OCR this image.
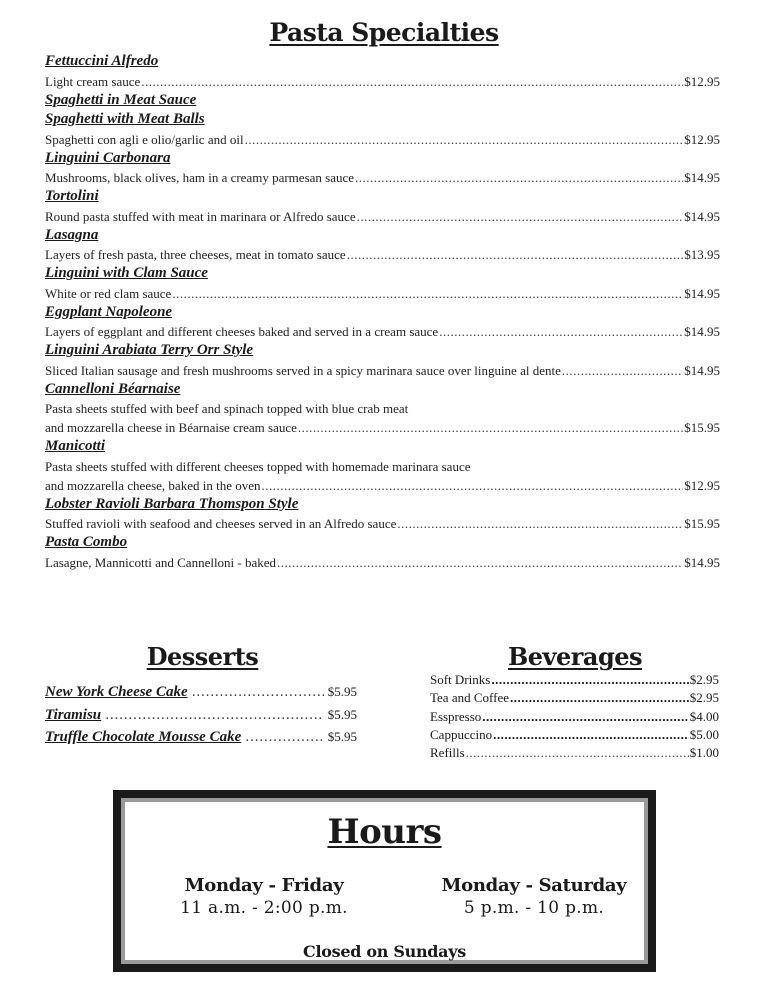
Pasta Specialties
Fettuccini Alfredo
Light cream sauce .....	$12.95
Spaghetti in Meat Sauce
Spaghetti with Meat Balls
Spaghetti con agli e olio/garlic and oil .....	$12.95
Linguini Carbonara
Mushrooms, black olives, ham in a creamy parmesan sauce .....	$14.95
Tortolini
Round pasta stuffed with meat in marinara or Alfredo sauce .....	$14.95
Lasagna
Layers of fresh pasta, three cheeses, meat in tomato sauce .....	$13.95
Linguini with Clam Sauce
White or red clam sauce .....	$14.95
Eggplant Napoleone
Layers of eggplant and different cheeses baked and served in a cream sauce .....	$14.95
Linguini Arabiata Terry Orr Style
Sliced Italian sausage and fresh mushrooms served in a spicy marinara sauce over linguine al dente .....	$14.95
Cannelloni Béarnaise
Pasta sheets stuffed with beef and spinach topped with blue crab meat
and mozzarella cheese in Béarnaise cream sauce .....	$15.95
Manicotti
Pasta sheets stuffed with different cheeses topped with homemade marinara sauce
and mozzarella cheese, baked in the oven .....	$12.95
Lobster Ravioli Barbara Thomspon Style
Stuffed ravioli with seafood and cheeses served in an Alfredo sauce .....	$15.95
Pasta Combo
Lasagne, Mannicotti and Cannelloni - baked .....	$14.95
Desserts
New York Cheese Cake .....	$5.95
Tiramisu .....	$5.95
Truffle Chocolate Mousse Cake .....	$5.95
Beverages
Soft Drinks .....	$2.95
Tea and Coffee .....	$2.95
Esspresso .....	$4.00
Cappuccino .....	$5.00
Refills .....	$1.00
Hours
Monday - Friday
11 a.m. - 2:00 p.m.
Monday - Saturday
5 p.m. - 10 p.m.
Closed on Sundays
